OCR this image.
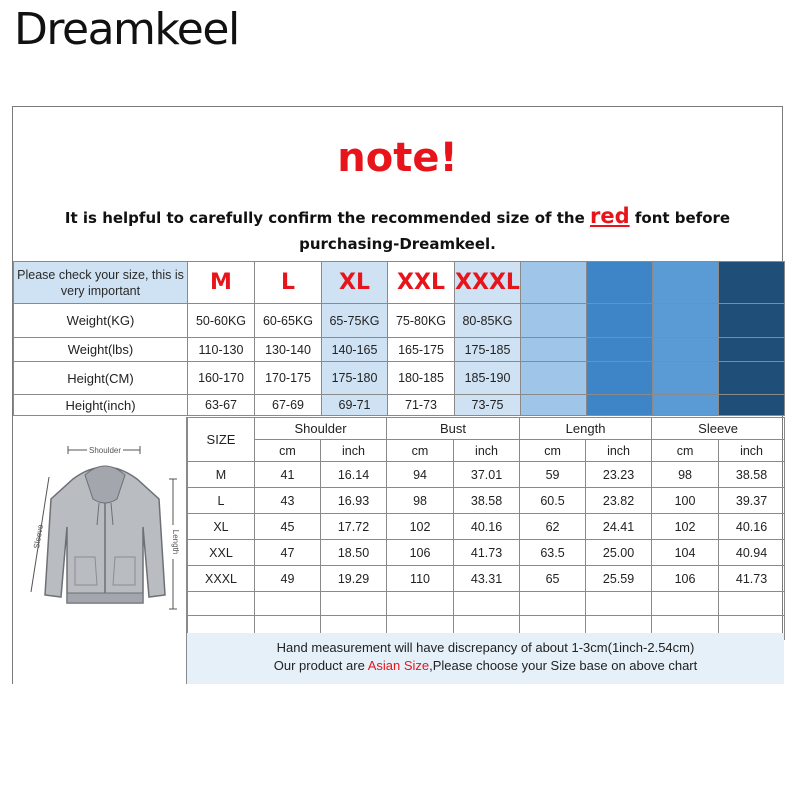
Dreamkeel
note!
It is helpful to carefully confirm the recommended size of the red font before
purchasing-Dreamkeel.
Please check your size, this is very important	M	L	XL	XXL	XXXL				
Weight(KG)	50-60KG	60-65KG	65-75KG	75-80KG	80-85KG				
Weight(lbs)	110-130	130-140	140-165	165-175	175-185				
Height(CM)	160-170	170-175	175-180	180-185	185-190				
Height(inch)	63-67	67-69	69-71	71-73	73-75				
Shoulder
Sleeve	Length
SIZE	Shoulder		Bust		Length		Sleeve	
	cm	inch	cm	inch	cm	inch	cm	inch
M	41	16.14	94	37.01	59	23.23	98	38.58
L	43	16.93	98	38.58	60.5	23.82	100	39.37
XL	45	17.72	102	40.16	62	24.41	102	40.16
XXL	47	18.50	106	41.73	63.5	25.00	104	40.94
XXXL	49	19.29	110	43.31	65	25.59	106	41.73

Hand measurement will have discrepancy of about 1-3cm(1inch-2.54cm)
Our product are Asian Size,Please choose your Size base on above chart
